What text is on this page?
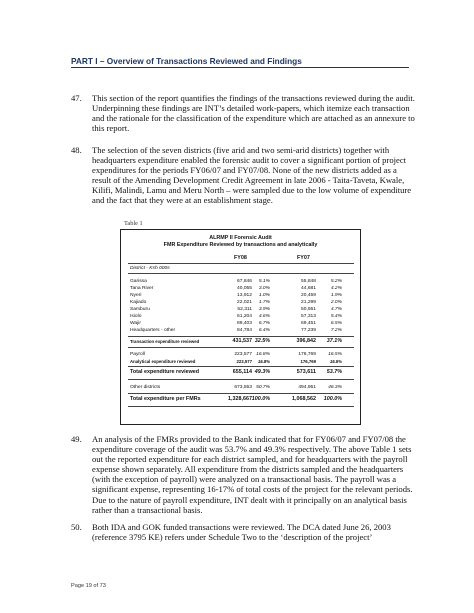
PART I – Overview of Transactions Reviewed and Findings
47.	This section of the report quantifies the findings of the transactions reviewed during the audit. Underpinning these findings are INT’s detailed work-papers, which itemize each transaction and the rationale for the classification of the expenditure which are attached as an annexure to this report.
48.	The selection of the seven districts (five arid and two semi-arid districts) together with headquarters expenditure enabled the forensic audit to cover a significant portion of project expenditures for the periods FY06/07 and FY07/08. None of the new districts added as a result of the Amending Development Credit Agreement in late 2006 - Taita-Taveta, Kwale, Kilifi, Malindi, Lamu and Meru North – were sampled due to the low volume of expenditure and the fact that they were at an establishment stage.
Table 1
ALRMP II Forensic Audit
FMR Expenditure Reviewed by transactions and analytically
FY08	FY07
District - Ksh 000s
Garissa	67,846 5.1%	55,848	5.2%
Tana River	40,055 3.0%	44,681	4.2%
Nyeri	13,912 1.0%	20,459	1.9%
Kajiado	22,021 1.7%	21,299	2.0%
Samburu	52,311 3.9%	50,551	4.7%
Isiolo	61,204 4.6%	57,313	5.4%
Wajir	89,403 6.7%	69,451	6.5%
Headquarters - other	84,784 6.4%	77,239	7.2%
Transaction expenditure reviewed	431,537 32.5%	396,842 37.1%
Payroll	223,577 16.8%	176,769 16.5%
Analytical expenditure reviewed	223,577 16.8%	176,769	16.5%
Total expenditure reviewed	655,114 49.3%	573,611 53.7%
Other districts	673,553 50.7%	494,951 46.3%
Total expenditure per FMRs	1,328,667 100.0%	1,068,562 100.0%
49.	An analysis of the FMRs provided to the Bank indicated that for FY06/07 and FY07/08 the expenditure coverage of the audit was 53.7% and 49.3% respectively. The above Table 1 sets out the reported expenditure for each district sampled, and for headquarters with the payroll expense shown separately. All expenditure from the districts sampled and the headquarters (with the exception of payroll) were analyzed on a transactional basis. The payroll was a significant expense, representing 16-17% of total costs of the project for the relevant periods. Due to the nature of payroll expenditure, INT dealt with it principally on an analytical basis rather than a transactional basis.
50.	Both IDA and GOK funded transactions were reviewed. The DCA dated June 26, 2003 (reference 3795 KE) refers under Schedule Two to the ‘description of the project’
Page 19 of 73
